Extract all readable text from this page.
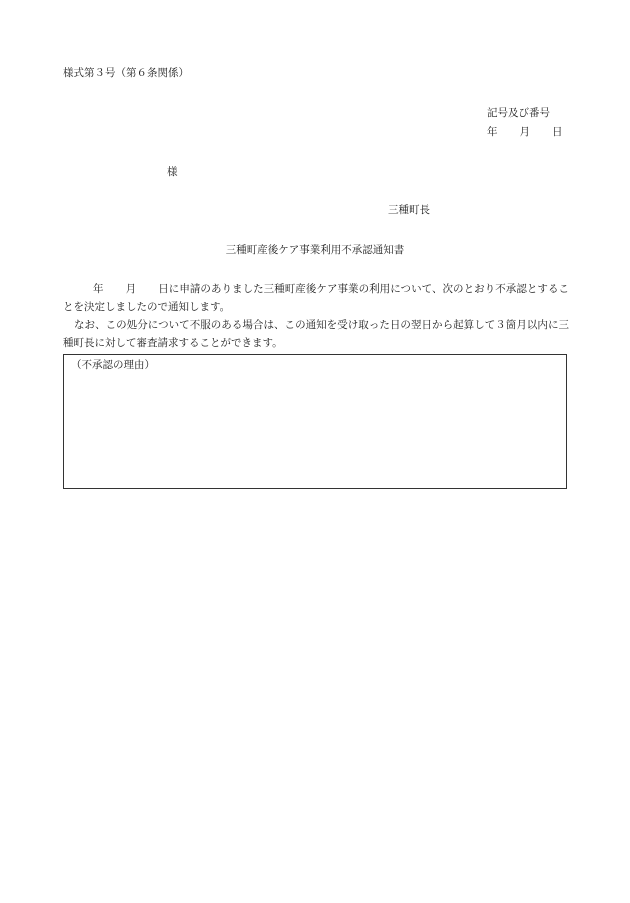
様式第３号（第６条関係）
記号及び番号
年 月 日
様
三種町長
三種町産後ケア事業利用不承認通知書

年 月 日に申請のありました三種町産後ケア事業の利用について、次のとおり不承認とすることを決定しましたので通知します。

なお、この処分について不服のある場合は、この通知を受け取った日の翌日から起算して３箇月以内に三種町長に対して審査請求することができます。

（不承認の理由）
